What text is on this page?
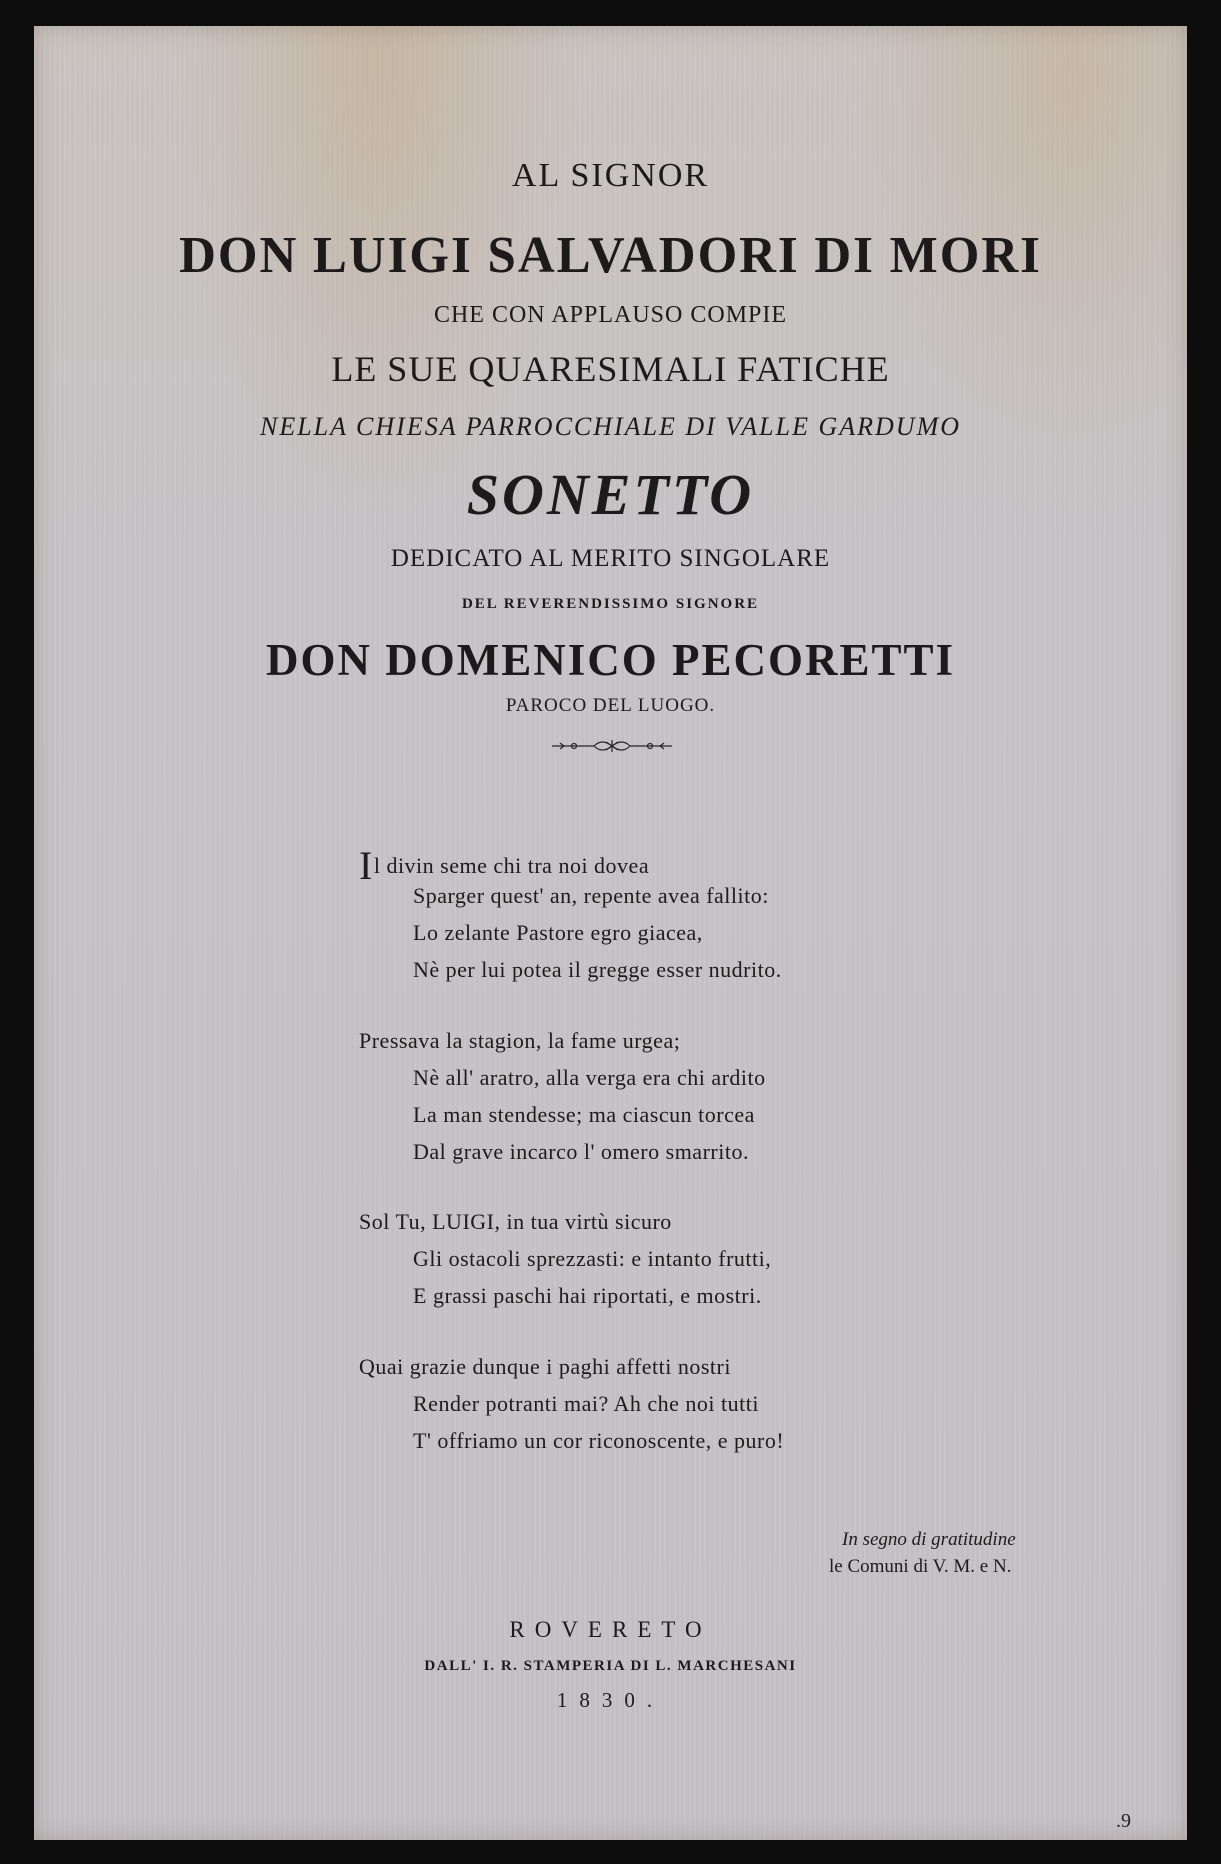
AL SIGNOR
DON LUIGI SALVADORI DI MORI
CHE CON APPLAUSO COMPIE
LE SUE QUARESIMALI FATICHE
NELLA CHIESA PARROCCHIALE DI VALLE GARDUMO
SONETTO
DEDICATO AL MERITO SINGOLARE
DEL REVERENDISSIMO SIGNORE
DON DOMENICO PECORETTI
PAROCO DEL LUOGO.
Il divin seme chi tra noi dovea
Sparger quest' an, repente avea fallito:
Lo zelante Pastore egro giacea,
Nè per lui potea il gregge esser nudrito.
Pressava la stagion, la fame urgea;
Nè all' aratro, alla verga era chi ardito
La man stendesse; ma ciascun torcea
Dal grave incarco l' omero smarrito.
Sol Tu, LUIGI, in tua virtù sicuro
Gli ostacoli sprezzasti: e intanto frutti,
E grassi paschi hai riportati, e mostri.
Quai grazie dunque i paghi affetti nostri
Render potranti mai? Ah che noi tutti
T' offriamo un cor riconoscente, e puro!
In segno di gratitudine
le Comuni di V. M. e N.
ROVERETO
DALL' I. R. STAMPERIA DI L. MARCHESANI
1830.
.9
